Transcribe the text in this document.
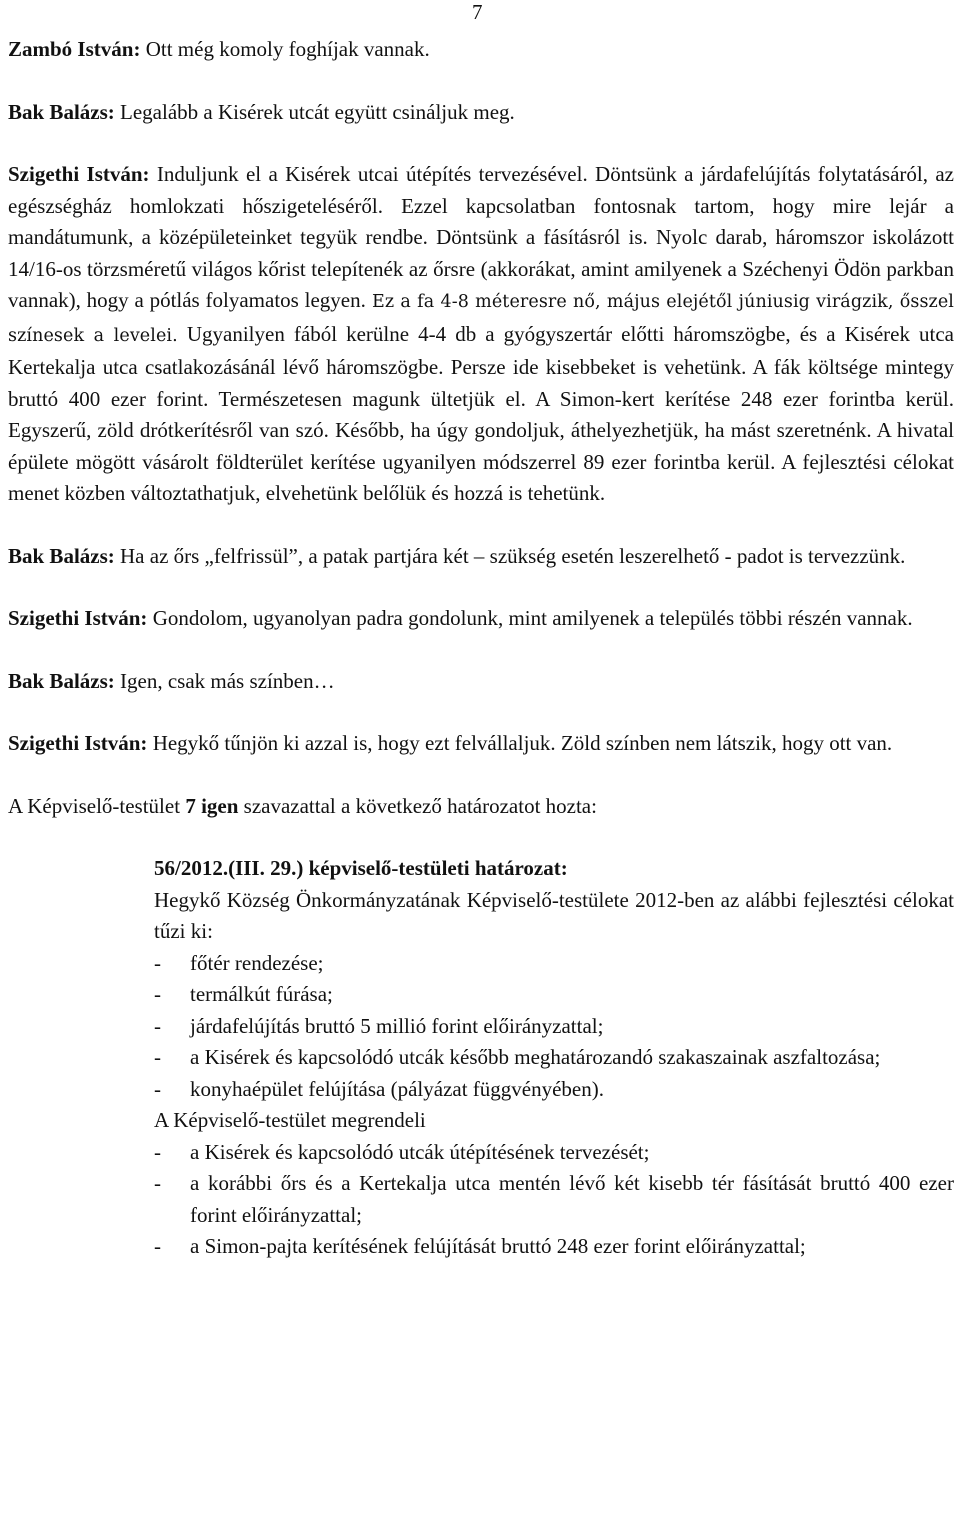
7

Zambó István: Ott még komoly foghíjak vannak.

Bak Balázs: Legalább a Kisérek utcát együtt csináljuk meg.

Szigethi István: Induljunk el a Kisérek utcai útépítés tervezésével. Döntsünk a járdafelújítás folytatásáról, az egészségház homlokzati hőszigeteléséről. Ezzel kapcsolatban fontosnak tartom, hogy mire lejár a mandátumunk, a középületeinket tegyük rendbe. Döntsünk a fásításról is. Nyolc darab, háromszor iskolázott 14/16-os törzsméretű világos kőrist telepítenék az őrsre (akkorákat, amint amilyenek a Széchenyi Ödön parkban vannak), hogy a pótlás folyamatos legyen. Ez a fa 4-8 méteresre nő, május elejétől júniusig virágzik, ősszel színesek a levelei. Ugyanilyen fából kerülne 4-4 db a gyógyszertár előtti háromszögbe, és a Kisérek utca Kertekalja utca csatlakozásánál lévő háromszögbe. Persze ide kisebbeket is vehetünk. A fák költsége mintegy bruttó 400 ezer forint. Természetesen magunk ültetjük el. A Simon-kert kerítése 248 ezer forintba kerül. Egyszerű, zöld drótkerítésről van szó. Később, ha úgy gondoljuk, áthelyezhetjük, ha mást szeretnénk. A hivatal épülete mögött vásárolt földterület kerítése ugyanilyen módszerrel 89 ezer forintba kerül. A fejlesztési célokat menet közben változtathatjuk, elvehetünk belőlük és hozzá is tehetünk.

Bak Balázs: Ha az őrs „felfrissül”, a patak partjára két – szükség esetén leszerelhető - padot is tervezzünk.

Szigethi István: Gondolom, ugyanolyan padra gondolunk, mint amilyenek a település többi részén vannak.

Bak Balázs: Igen, csak más színben…

Szigethi István: Hegykő tűnjön ki azzal is, hogy ezt felvállaljuk. Zöld színben nem látszik, hogy ott van.

A Képviselő-testület 7 igen szavazattal a következő határozatot hozta:

56/2012.(III. 29.) képviselő-testületi határozat:

Hegykő Község Önkormányzatának Képviselő-testülete 2012-ben az alábbi fejlesztési célokat tűzi ki:

- főtér rendezése;
- termálkút fúrása;
- járdafelújítás bruttó 5 millió forint előirányzattal;
- a Kisérek és kapcsolódó utcák később meghatározandó szakaszainak aszfaltozása;
- konyhaépület felújítása (pályázat függvényében).

A Képviselő-testület megrendeli

- a Kisérek és kapcsolódó utcák útépítésének tervezését;
- a korábbi őrs és a Kertekalja utca mentén lévő két kisebb tér fásítását bruttó 400 ezer forint előirányzattal;
- a Simon-pajta kerítésének felújítását bruttó 248 ezer forint előirányzattal;
